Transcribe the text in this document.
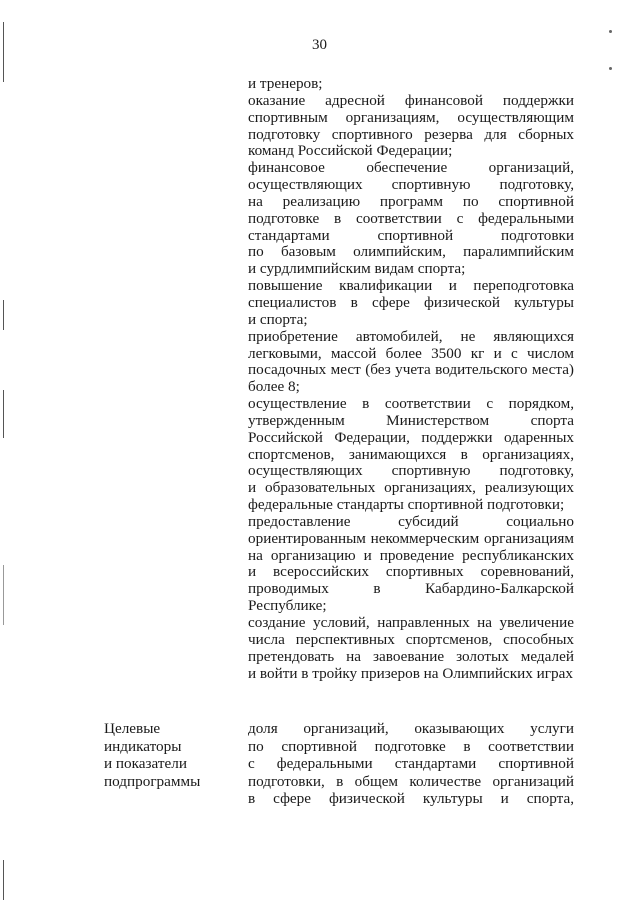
30
и тренеров;
оказание адресной финансовой поддержки
спортивным организациям, осуществляющим
подготовку спортивного резерва для сборных
команд Российской Федерации;
финансовое обеспечение организаций,
осуществляющих спортивную подготовку,
на реализацию программ по спортивной
подготовке в соответствии с федеральными
стандартами спортивной подготовки
по базовым олимпийским, паралимпийским
и сурдлимпийским видам спорта;
повышение квалификации и переподготовка
специалистов в сфере физической культуры
и спорта;
приобретение автомобилей, не являющихся
легковыми, массой более 3500 кг и с числом
посадочных мест (без учета водительского места)
более 8;
осуществление в соответствии с порядком,
утвержденным Министерством спорта
Российской Федерации, поддержки одаренных
спортсменов, занимающихся в организациях,
осуществляющих спортивную подготовку,
и образовательных организациях, реализующих
федеральные стандарты спортивной подготовки;
предоставление субсидий социально
ориентированным некоммерческим организациям
на организацию и проведение республиканских
и всероссийских спортивных соревнований,
проводимых в Кабардино-Балкарской
Республике;
создание условий, направленных на увеличение
числа перспективных спортсменов, способных
претендовать на завоевание золотых медалей
и войти в тройку призеров на Олимпийских играх
Целевые
индикаторы
и показатели
подпрограммы
доля организаций, оказывающих услуги
по спортивной подготовке в соответствии
с федеральными стандартами спортивной
подготовки, в общем количестве организаций
в сфере физической культуры и спорта,
